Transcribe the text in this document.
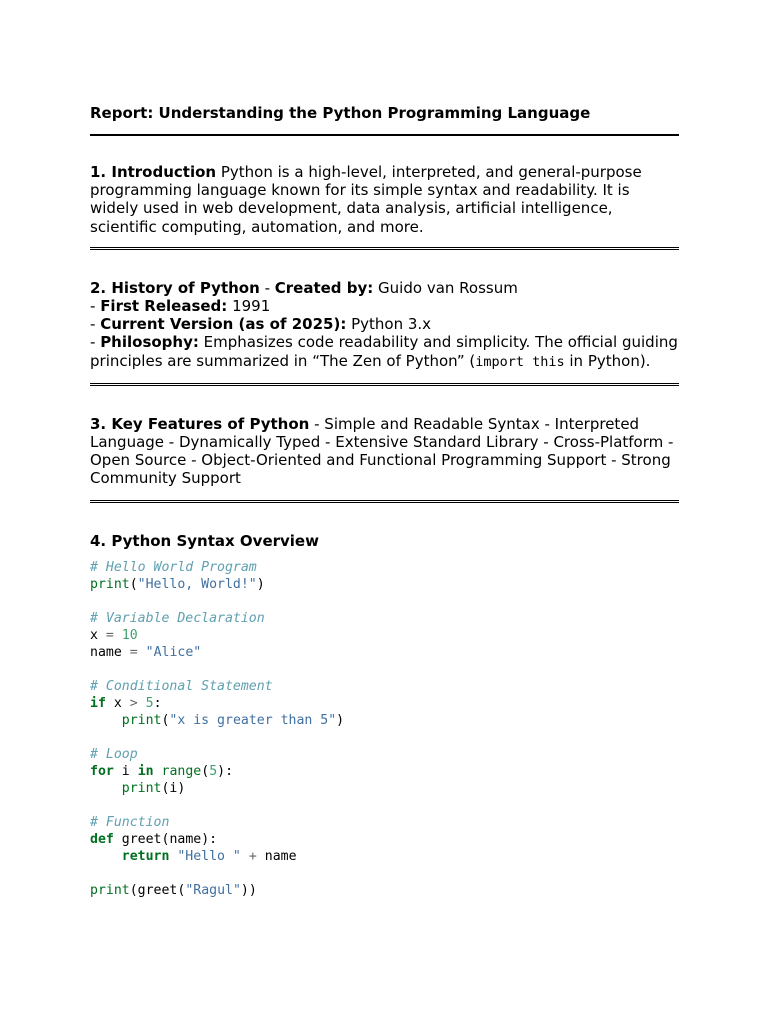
Report: Understanding the Python Programming Language

1. Introduction Python is a high-level, interpreted, and general-purpose programming language known for its simple syntax and readability. It is widely used in web development, data analysis, artificial intelligence, scientific computing, automation, and more.

2. History of Python - Created by: Guido van Rossum
- First Released: 1991
- Current Version (as of 2025): Python 3.x
- Philosophy: Emphasizes code readability and simplicity. The official guiding principles are summarized in “The Zen of Python” (import this in Python).

3. Key Features of Python - Simple and Readable Syntax - Interpreted Language - Dynamically Typed - Extensive Standard Library - Cross-Platform - Open Source - Object-Oriented and Functional Programming Support - Strong Community Support

4. Python Syntax Overview
# Hello World Program
print("Hello, World!")

# Variable Declaration
x = 10
name = "Alice"

# Conditional Statement
if x > 5:
print("x is greater than 5")

# Loop
for i in range(5):
print(i)

# Function
def greet(name):
return "Hello " + name

print(greet("Ragul"))
